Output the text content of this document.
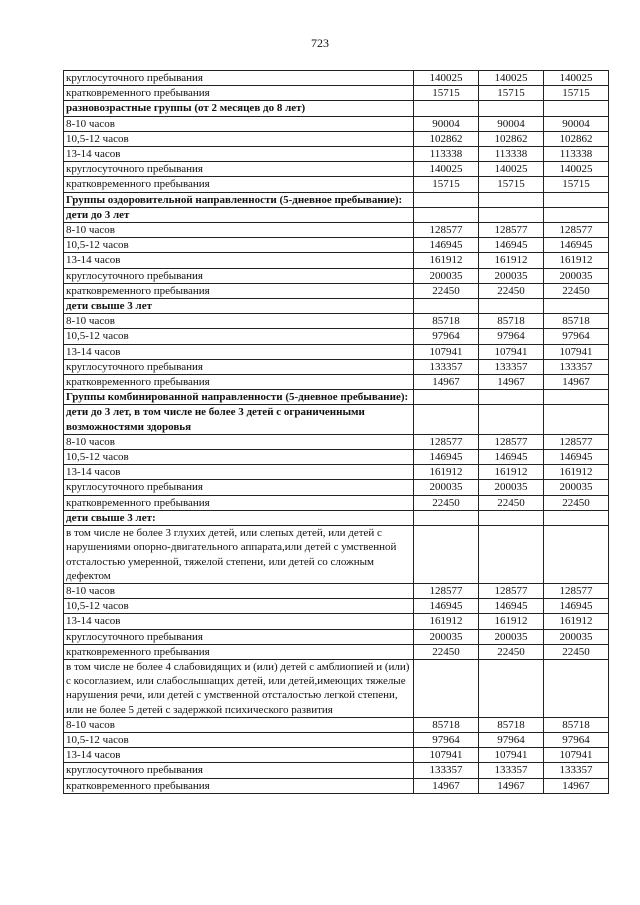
723
круглосуточного пребывания	140025	140025	140025
кратковременного пребывания	15715	15715	15715
разновозрастные группы (от 2 месяцев до 8 лет)			
8-10 часов	90004	90004	90004
10,5-12 часов	102862	102862	102862
13-14 часов	113338	113338	113338
круглосуточного пребывания	140025	140025	140025
кратковременного пребывания	15715	15715	15715
Группы оздоровительной направленности (5-дневное пребывание):			
дети до 3 лет			
8-10 часов	128577	128577	128577
10,5-12 часов	146945	146945	146945
13-14 часов	161912	161912	161912
круглосуточного пребывания	200035	200035	200035
кратковременного пребывания	22450	22450	22450
дети свыше 3 лет			
8-10 часов	85718	85718	85718
10,5-12 часов	97964	97964	97964
13-14 часов	107941	107941	107941
круглосуточного пребывания	133357	133357	133357
кратковременного пребывания	14967	14967	14967
Группы комбинированной направленности (5-дневное пребывание):			
дети до 3 лет, в том числе не более 3 детей с ограниченными возможностями здоровья			
8-10 часов	128577	128577	128577
10,5-12 часов	146945	146945	146945
13-14 часов	161912	161912	161912
круглосуточного пребывания	200035	200035	200035
кратковременного пребывания	22450	22450	22450
дети свыше 3 лет:			
в том числе не более 3 глухих детей, или слепых детей, или детей с нарушениями опорно-двигательного аппарата,или детей с умственной отсталостью умеренной, тяжелой степени, или детей со сложным дефектом			
8-10 часов	128577	128577	128577
10,5-12 часов	146945	146945	146945
13-14 часов	161912	161912	161912
круглосуточного пребывания	200035	200035	200035
кратковременного пребывания	22450	22450	22450
в том числе не более 4 слабовидящих и (или) детей с амблиопией и (или) с косоглазием, или слабослышащих детей, или детей,имеющих тяжелые нарушения речи, или детей с умственной отсталостью легкой степени, или не более 5 детей с задержкой психического развития			
8-10 часов	85718	85718	85718
10,5-12 часов	97964	97964	97964
13-14 часов	107941	107941	107941
круглосуточного пребывания	133357	133357	133357
кратковременного пребывания	14967	14967	14967
